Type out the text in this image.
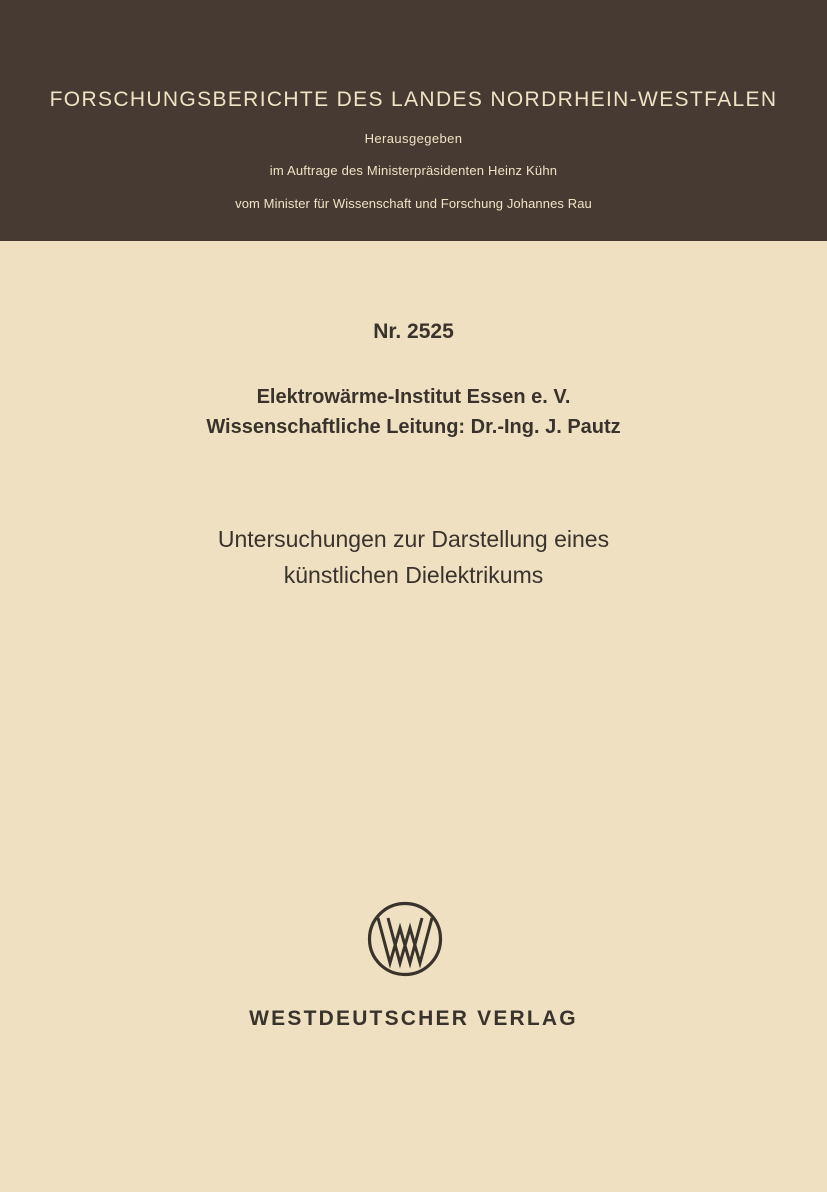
FORSCHUNGSBERICHTE DES LANDES NORDRHEIN-WESTFALEN
Herausgegeben
im Auftrage des Ministerpräsidenten Heinz Kühn
vom Minister für Wissenschaft und Forschung Johannes Rau
Nr. 2525
Elektrowärme-Institut Essen e. V.
Wissenschaftliche Leitung: Dr.-Ing. J. Pautz
Untersuchungen zur Darstellung eines
künstlichen Dielektrikums
WESTDEUTSCHER VERLAG
